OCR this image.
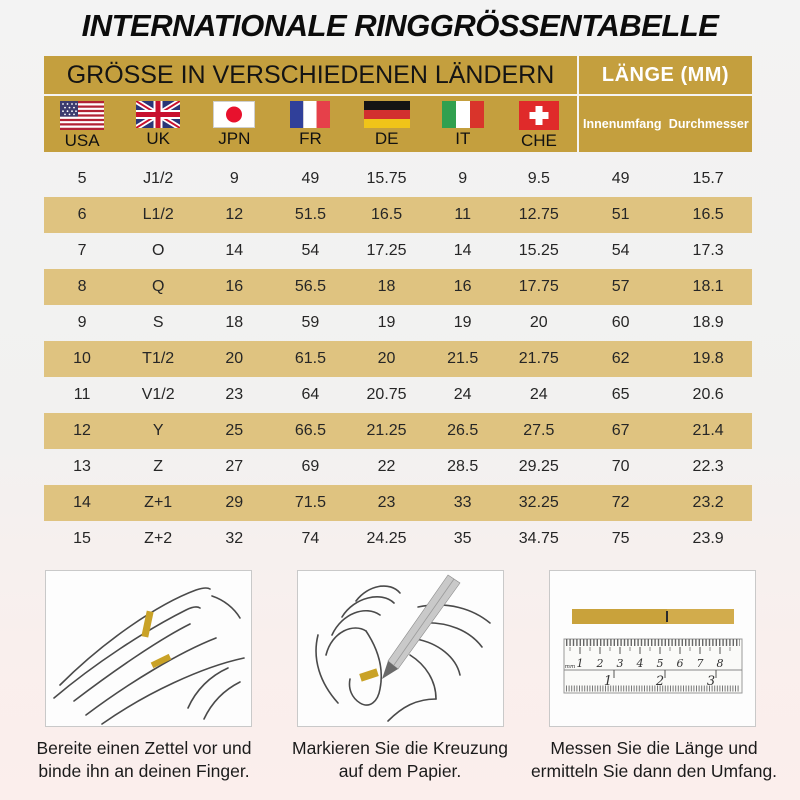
INTERNATIONALE RINGGRÖSSENTABELLE
GRÖSSE IN VERSCHIEDENEN LÄNDERN	LÄNGE (MM)
USA	UK	JPN	FR	DE	IT	CHE
Innenumfang Durchmesser
5	J1/2	9	49	15.75	9	9.5	49	15.7
6	L1/2	12	51.5	16.5	11	12.75	51	16.5
7	O	14	54	17.25	14	15.25	54	17.3
8	Q	16	56.5	18	16	17.75	57	18.1
9	S	18	59	19	19	20	60	18.9
10	T1/2	20	61.5	20	21.5	21.75	62	19.8
11	V1/2	23	64	20.75	24	24	65	20.6
12	Y	25	66.5	21.25	26.5	27.5	67	21.4
13	Z	27	69	22	28.5	29.25	70	22.3
14	Z+1	29	71.5	23	33	32.25	72	23.2
15	Z+2	32	74	24.25	35	34.75	75	23.9
1 2 3 4 5 6 7 8
mm
1	2	3
Bereite einen Zettel vor und
binde ihn an deinen Finger.
Markieren Sie die Kreuzung
auf dem Papier.
Messen Sie die Länge und
ermitteln Sie dann den Umfang.
